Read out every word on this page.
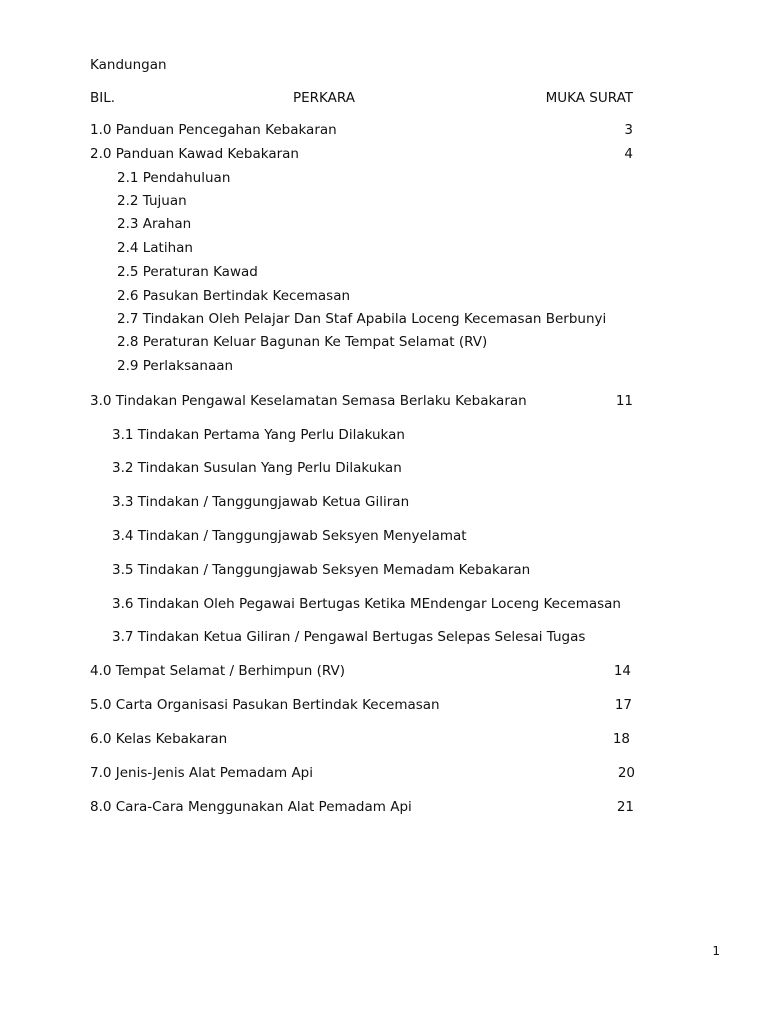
Kandungan
BIL.	PERKARA	MUKA SURAT
1.0 Panduan Pencegahan Kebakaran	3
2.0 Panduan Kawad Kebakaran	4
2.1 Pendahuluan
2.2 Tujuan
2.3 Arahan
2.4 Latihan
2.5 Peraturan Kawad
2.6 Pasukan Bertindak Kecemasan
2.7 Tindakan Oleh Pelajar Dan Staf Apabila Loceng Kecemasan Berbunyi
2.8 Peraturan Keluar Bagunan Ke Tempat Selamat (RV)
2.9 Perlaksanaan
3.0 Tindakan Pengawal Keselamatan Semasa Berlaku Kebakaran	11
3.1 Tindakan Pertama Yang Perlu Dilakukan
3.2 Tindakan Susulan Yang Perlu Dilakukan
3.3 Tindakan / Tanggungjawab Ketua Giliran
3.4 Tindakan / Tanggungjawab Seksyen Menyelamat
3.5 Tindakan / Tanggungjawab Seksyen Memadam Kebakaran
3.6 Tindakan Oleh Pegawai Bertugas Ketika MEndengar Loceng Kecemasan
3.7 Tindakan Ketua Giliran / Pengawal Bertugas Selepas Selesai Tugas
4.0 Tempat Selamat / Berhimpun (RV)	14
5.0 Carta Organisasi Pasukan Bertindak Kecemasan	17
6.0 Kelas Kebakaran	18
7.0 Jenis-Jenis Alat Pemadam Api	20
8.0 Cara-Cara Menggunakan Alat Pemadam Api	21
1
